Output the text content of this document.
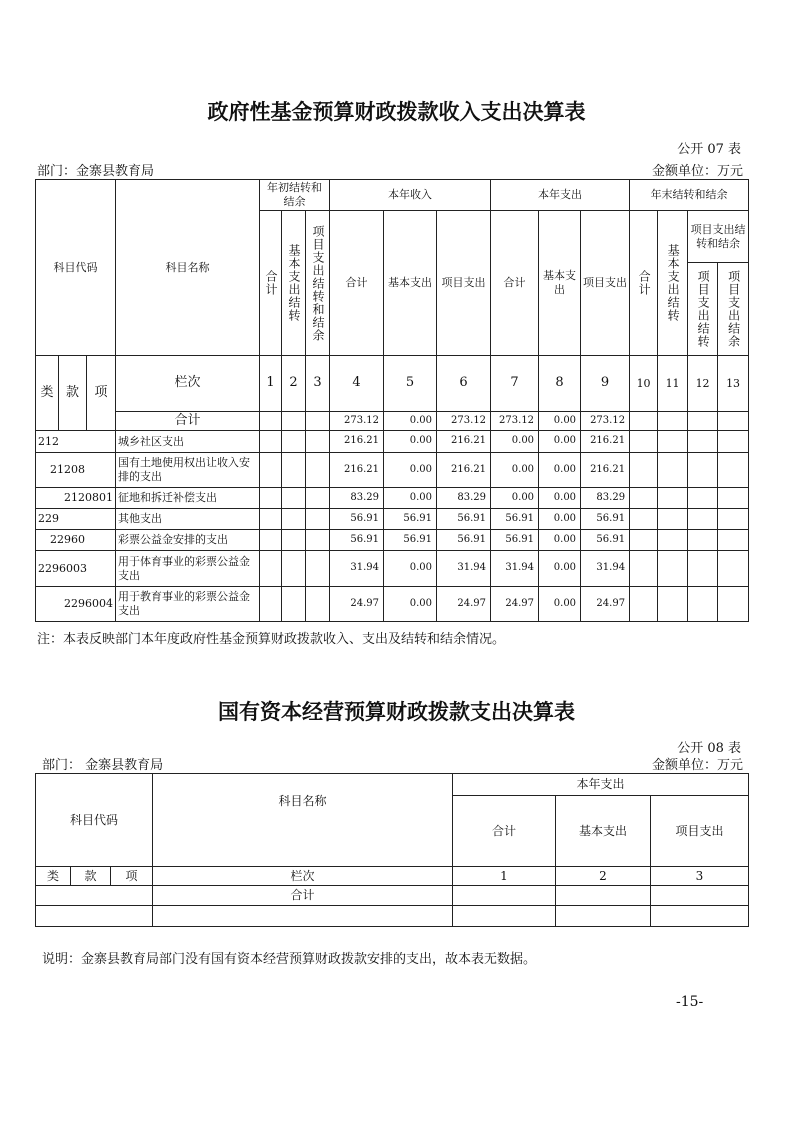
政府性基金预算财政拨款收入支出决算表
公开 07 表
部门：金寨县教育局	金额单位：万元
科目代码			科目名称	年初结转和结余			本年收入			本年支出			年末结转和结余			

				合计	基本支出结转	项目支出结转和结余	合计	基本支出	项目支出	合计	基本支出	项目支出	合计	基本支出结转	项目支出结转和结余	

															项目支出结转	项目支出结余

类	款	项	栏次	1	2	3	4	5	6	7	8	9	10	11	12	13
			合计				273.12	0.00	273.12	273.12	0.00	273.12				
212			城乡社区支出				216.21	0.00	216.21	0.00	0.00	216.21				
21208			国有土地使用权出让收入安排的支出				216.21	0.00	216.21	0.00	0.00	216.21				
2120801			征地和拆迁补偿支出				83.29	0.00	83.29	0.00	0.00	83.29				
229			其他支出				56.91	56.91	56.91	56.91	0.00	56.91				
22960			彩票公益金安排的支出				56.91	56.91	56.91	56.91	0.00	56.91				
2296003			用于体育事业的彩票公益金支出				31.94	0.00	31.94	31.94	0.00	31.94				
2296004			用于教育事业的彩票公益金支出				24.97	0.00	24.97	24.97	0.00	24.97				
注：本表反映部门本年度政府性基金预算财政拨款收入、支出及结转和结余情况。
国有资本经营预算财政拨款支出决算表
公开 08 表
部门： 金寨县教育局	金额单位：万元
科目代码			科目名称	本年支出		
				合计	基本支出	项目支出
类	款	项	栏次	1	2	3
			合计			

说明：金寨县教育局部门没有国有资本经营预算财政拨款安排的支出，故本表无数据。
-15-
